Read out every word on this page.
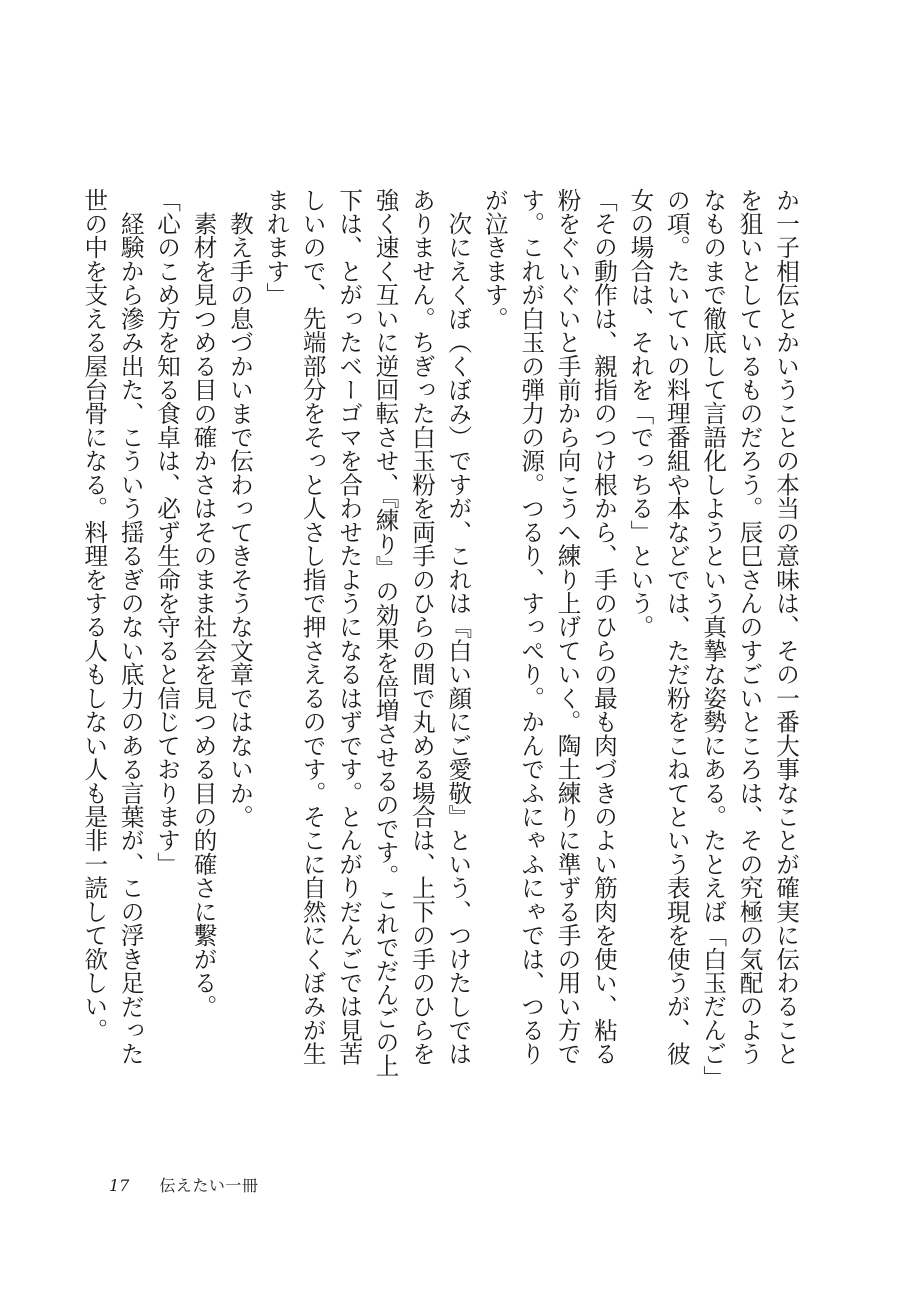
か一子相伝とかいうことの本当の意味は、その一番大事なことが確実に伝わることを狙いとしているものだろう。辰巳さんのすごいところは、その究極の気配のようなものまで徹底して言語化しようという真摯な姿勢にある。たとえば「白玉だんご」の項。たいていの料理番組や本などでは、ただ粉をこねてという表現を使うが、彼女の場合は、それを「でっちる」という。

「その動作は、親指のつけ根から、手のひらの最も肉づきのよい筋肉を使い、粘る粉をぐいぐいと手前から向こうへ練り上げていく。陶土練りに準ずる手の用い方です。これが白玉の弾力の源。つるり、すっぺり。かんでふにゃふにゃでは、つるりが泣きます。

次にえくぼ（くぼみ）ですが、これは『白い顔にご愛敬』という、つけたしではありません。ちぎった白玉粉を両手のひらの間で丸める場合は、上下の手のひらを強く速く互いに逆回転させ、『練り』の効果を倍増させるのです。これでだんごの上下は、とがったベーゴマを合わせたようになるはずです。とんがりだんごでは見苦しいので、先端部分をそっと人さし指で押さえるのです。そこに自然にくぼみが生まれます」

教え手の息づかいまで伝わってきそうな文章ではないか。

素材を見つめる目の確かさはそのまま社会を見つめる目の的確さに繫がる。

「心のこめ方を知る食卓は、必ず生命を守ると信じております」

経験から滲み出た、こういう揺るぎのない底力のある言葉が、この浮き足だった世の中を支える屋台骨になる。料理をする人もしない人も是非一読して欲しい。

17 伝えたい一冊
